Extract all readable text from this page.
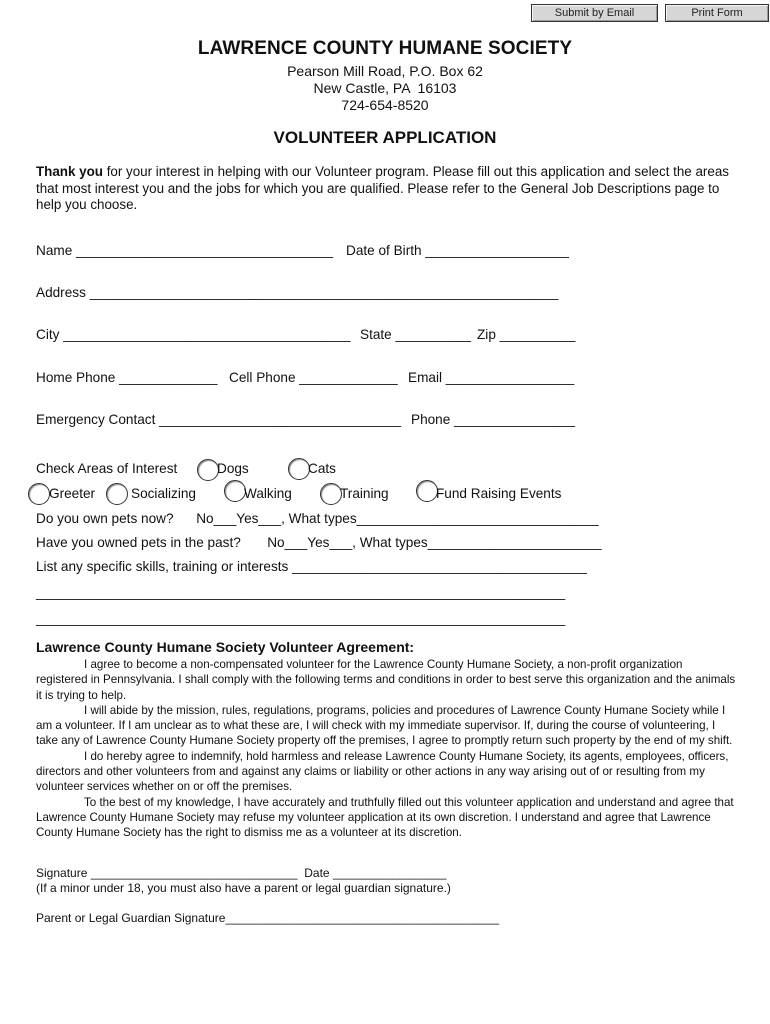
Submit by Email	Print Form
LAWRENCE COUNTY HUMANE SOCIETY
Pearson Mill Road, P.O. Box 62
New Castle, PA  16103
724-654-8520
VOLUNTEER APPLICATION
Thank you for your interest in helping with our Volunteer program. Please fill out this application and select the areas that most interest you and the jobs for which you are qualified. Please refer to the General Job Descriptions page to help you choose.
Name __________________________________ Date of Birth ___________________
Address ______________________________________________________________
City ______________________________________ State __________ Zip __________
Home Phone _____________ Cell Phone _____________ Email _________________
Emergency Contact ________________________________ Phone ________________
Check Areas of Interest	Dogs	Cats
Greeter	Socializing	Walking	Training	Fund Raising Events
Do you own pets now?      No___Yes___, What types________________________________
Have you owned pets in the past?       No___Yes___, What types_______________________
List any specific skills, training or interests _______________________________________
______________________________________________________________________
______________________________________________________________________
Lawrence County Humane Society Volunteer Agreement:

I agree to become a non-compensated volunteer for the Lawrence County Humane Society, a non-profit organization registered in Pennsylvania. I shall comply with the following terms and conditions in order to best serve this organization and the animals it is trying to help.

I will abide by the mission, rules, regulations, programs, policies and procedures of Lawrence County Humane Society while I am a volunteer. If I am unclear as to what these are, I will check with my immediate supervisor. If, during the course of volunteering, I take any of Lawrence County Humane Society property off the premises, I agree to promptly return such property by the end of my shift.

I do hereby agree to indemnify, hold harmless and release Lawrence County Humane Society, its agents, employees, officers, directors and other volunteers from and against any claims or liability or other actions in any way arising out of or resulting from my volunteer services whether on or off the premises.

To the best of my knowledge, I have accurately and truthfully filled out this volunteer application and understand and agree that Lawrence County Humane Society may refuse my volunteer application at its own discretion. I understand and agree that Lawrence County Humane Society has the right to dismiss me as a volunteer at its discretion.

Signature _______________________________  Date _________________
(If a minor under 18, you must also have a parent or legal guardian signature.)
Parent or Legal Guardian Signature_________________________________________
